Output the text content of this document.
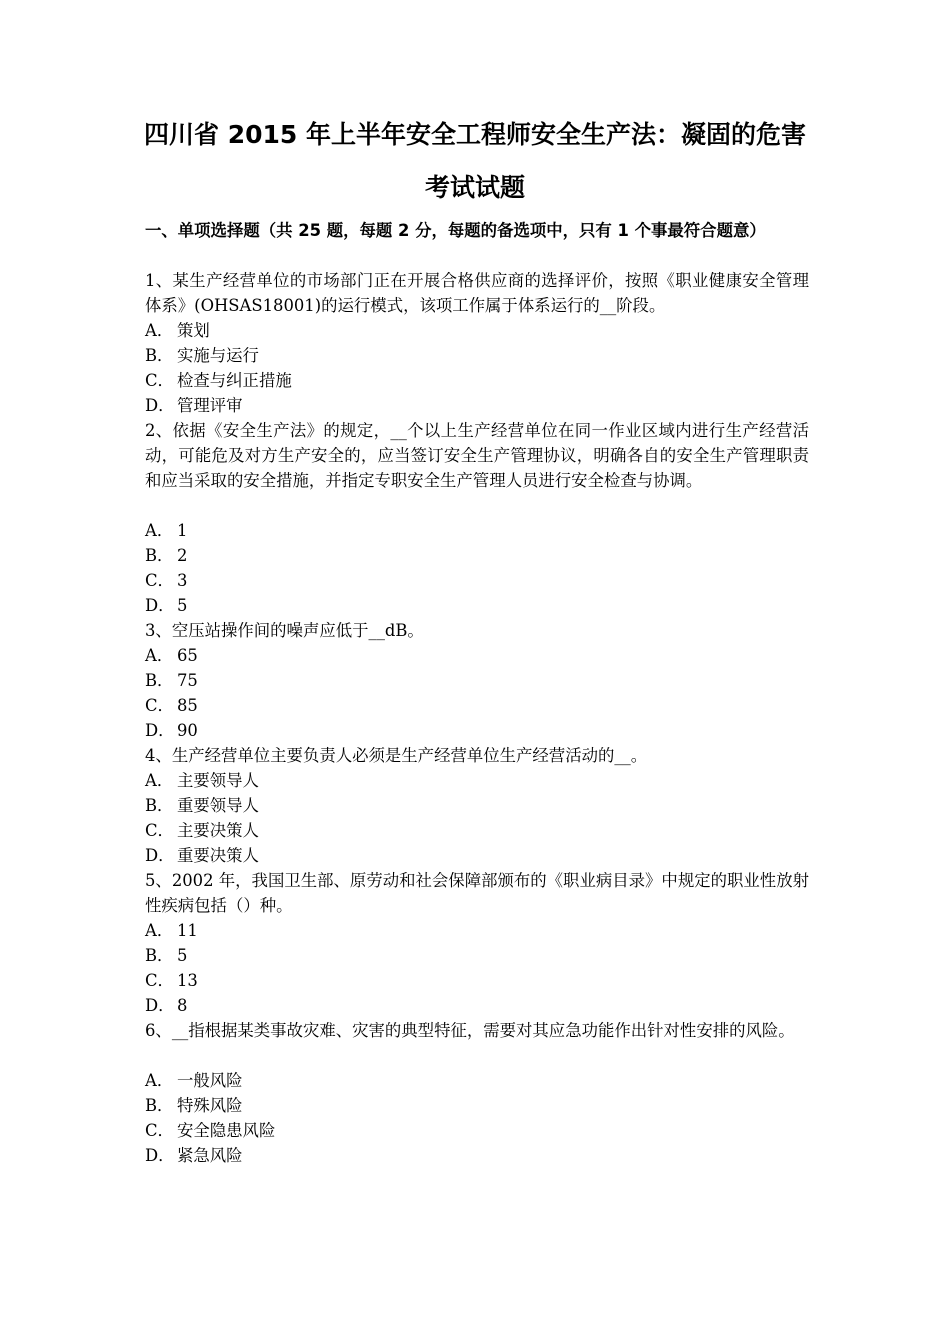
四川省 2015 年上半年安全工程师安全生产法：凝固的危害
考试试题
一、单项选择题（共 25 题，每题 2 分，每题的备选项中，只有 1 个事最符合题意）
1、某生产经营单位的市场部门正在开展合格供应商的选择评价，按照《职业健康安全管理体系》(OHSAS18001)的运行模式，该项工作属于体系运行的__阶段。
A． 策划
B． 实施与运行
C． 检查与纠正措施
D． 管理评审
2、依据《安全生产法》的规定，__个以上生产经营单位在同一作业区域内进行生产经营活动，可能危及对方生产安全的，应当签订安全生产管理协议，明确各自的安全生产管理职责和应当采取的安全措施，并指定专职安全生产管理人员进行安全检查与协调。
A． 1
B． 2
C． 3
D． 5
3、空压站操作间的噪声应低于__dB。
A． 65
B． 75
C． 85
D． 90
4、生产经营单位主要负责人必须是生产经营单位生产经营活动的__。
A． 主要领导人
B． 重要领导人
C． 主要决策人
D． 重要决策人
5、2002 年，我国卫生部、原劳动和社会保障部颁布的《职业病目录》中规定的职业性放射性疾病包括（）种。
A． 11
B． 5
C． 13
D． 8
6、__指根据某类事故灾难、灾害的典型特征，需要对其应急功能作出针对性安排的风险。
A． 一般风险
B． 特殊风险
C． 安全隐患风险
D． 紧急风险
